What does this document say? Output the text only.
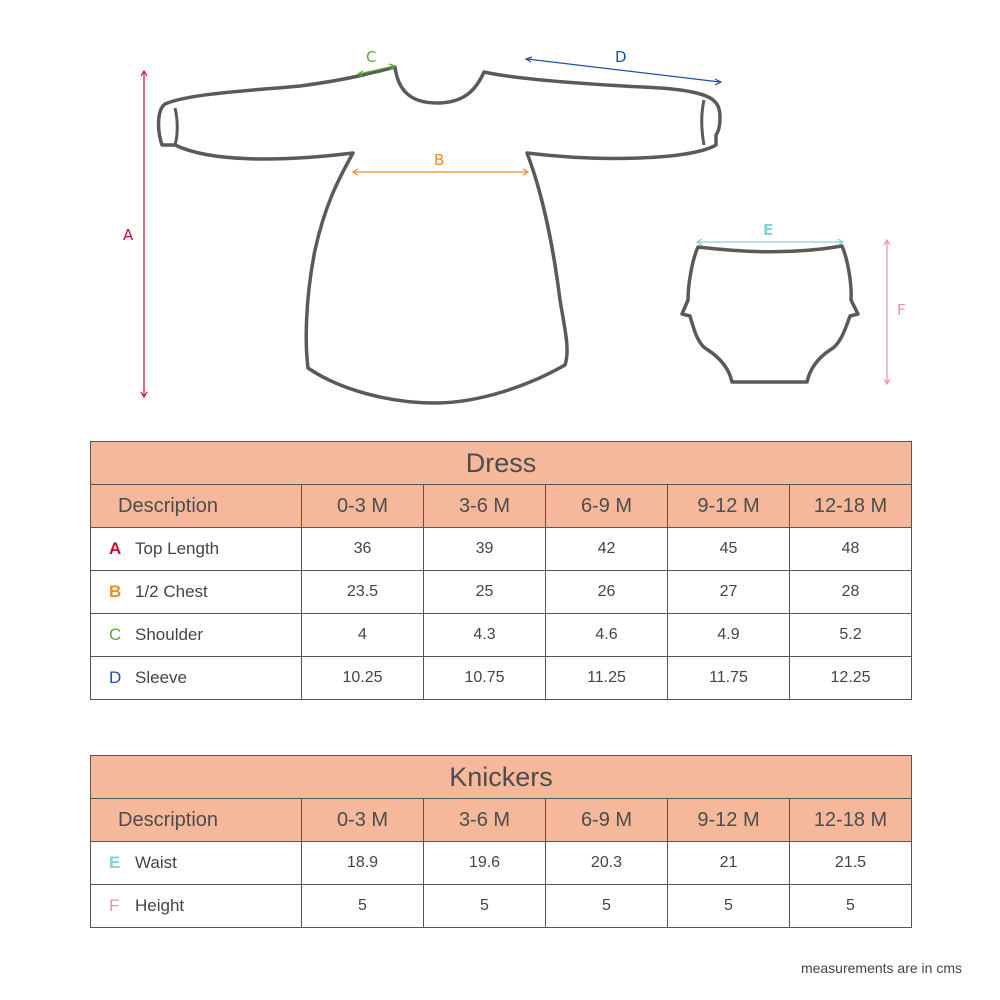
A
B
C	D
E
F
Dress					
Description	0-3 M	3-6 M	6-9 M	9-12 M	12-18 M
A Top Length	36	39	42	45	48
B 1/2 Chest	23.5	25	26	27	28
C Shoulder	4	4.3	4.6	4.9	5.2
D Sleeve	10.25	10.75	11.25	11.75	12.25
Knickers					
Description	0-3 M	3-6 M	6-9 M	9-12 M	12-18 M
E Waist	18.9	19.6	20.3	21	21.5
F Height	5	5	5	5	5
measurements are in cms
